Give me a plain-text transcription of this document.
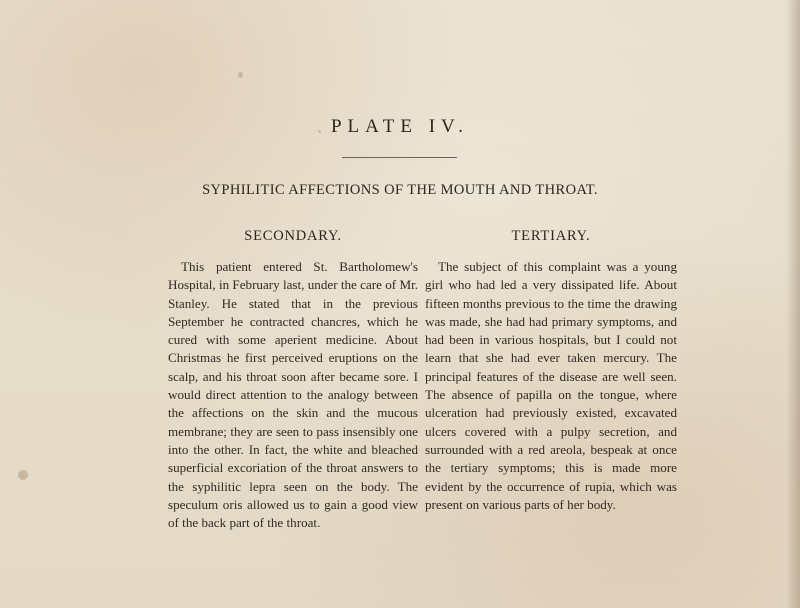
PLATE IV.
SYPHILITIC AFFECTIONS OF THE MOUTH AND THROAT.
SECONDARY.

This patient entered St. Bartholomew's Hospital, in February last, under the care of Mr. Stanley. He stated that in the previous September he contracted chancres, which he cured with some aperient medicine. About Christmas he first perceived eruptions on the scalp, and his throat soon after became sore. I would direct attention to the analogy between the affections on the skin and the mucous membrane; they are seen to pass insensibly one into the other. In fact, the white and bleached superficial excoriation of the throat answers to the syphilitic lepra seen on the body. The speculum oris allowed us to gain a good view of the back part of the throat.

TERTIARY.

The subject of this complaint was a young girl who had led a very dissipated life. About fifteen months previous to the time the drawing was made, she had had primary symptoms, and had been in various hospitals, but I could not learn that she had ever taken mercury. The principal features of the disease are well seen. The absence of papilla on the tongue, where ulceration had previously existed, excavated ulcers covered with a pulpy secretion, and surrounded with a red areola, bespeak at once the tertiary symptoms; this is made more evident by the occurrence of rupia, which was present on various parts of her body.
